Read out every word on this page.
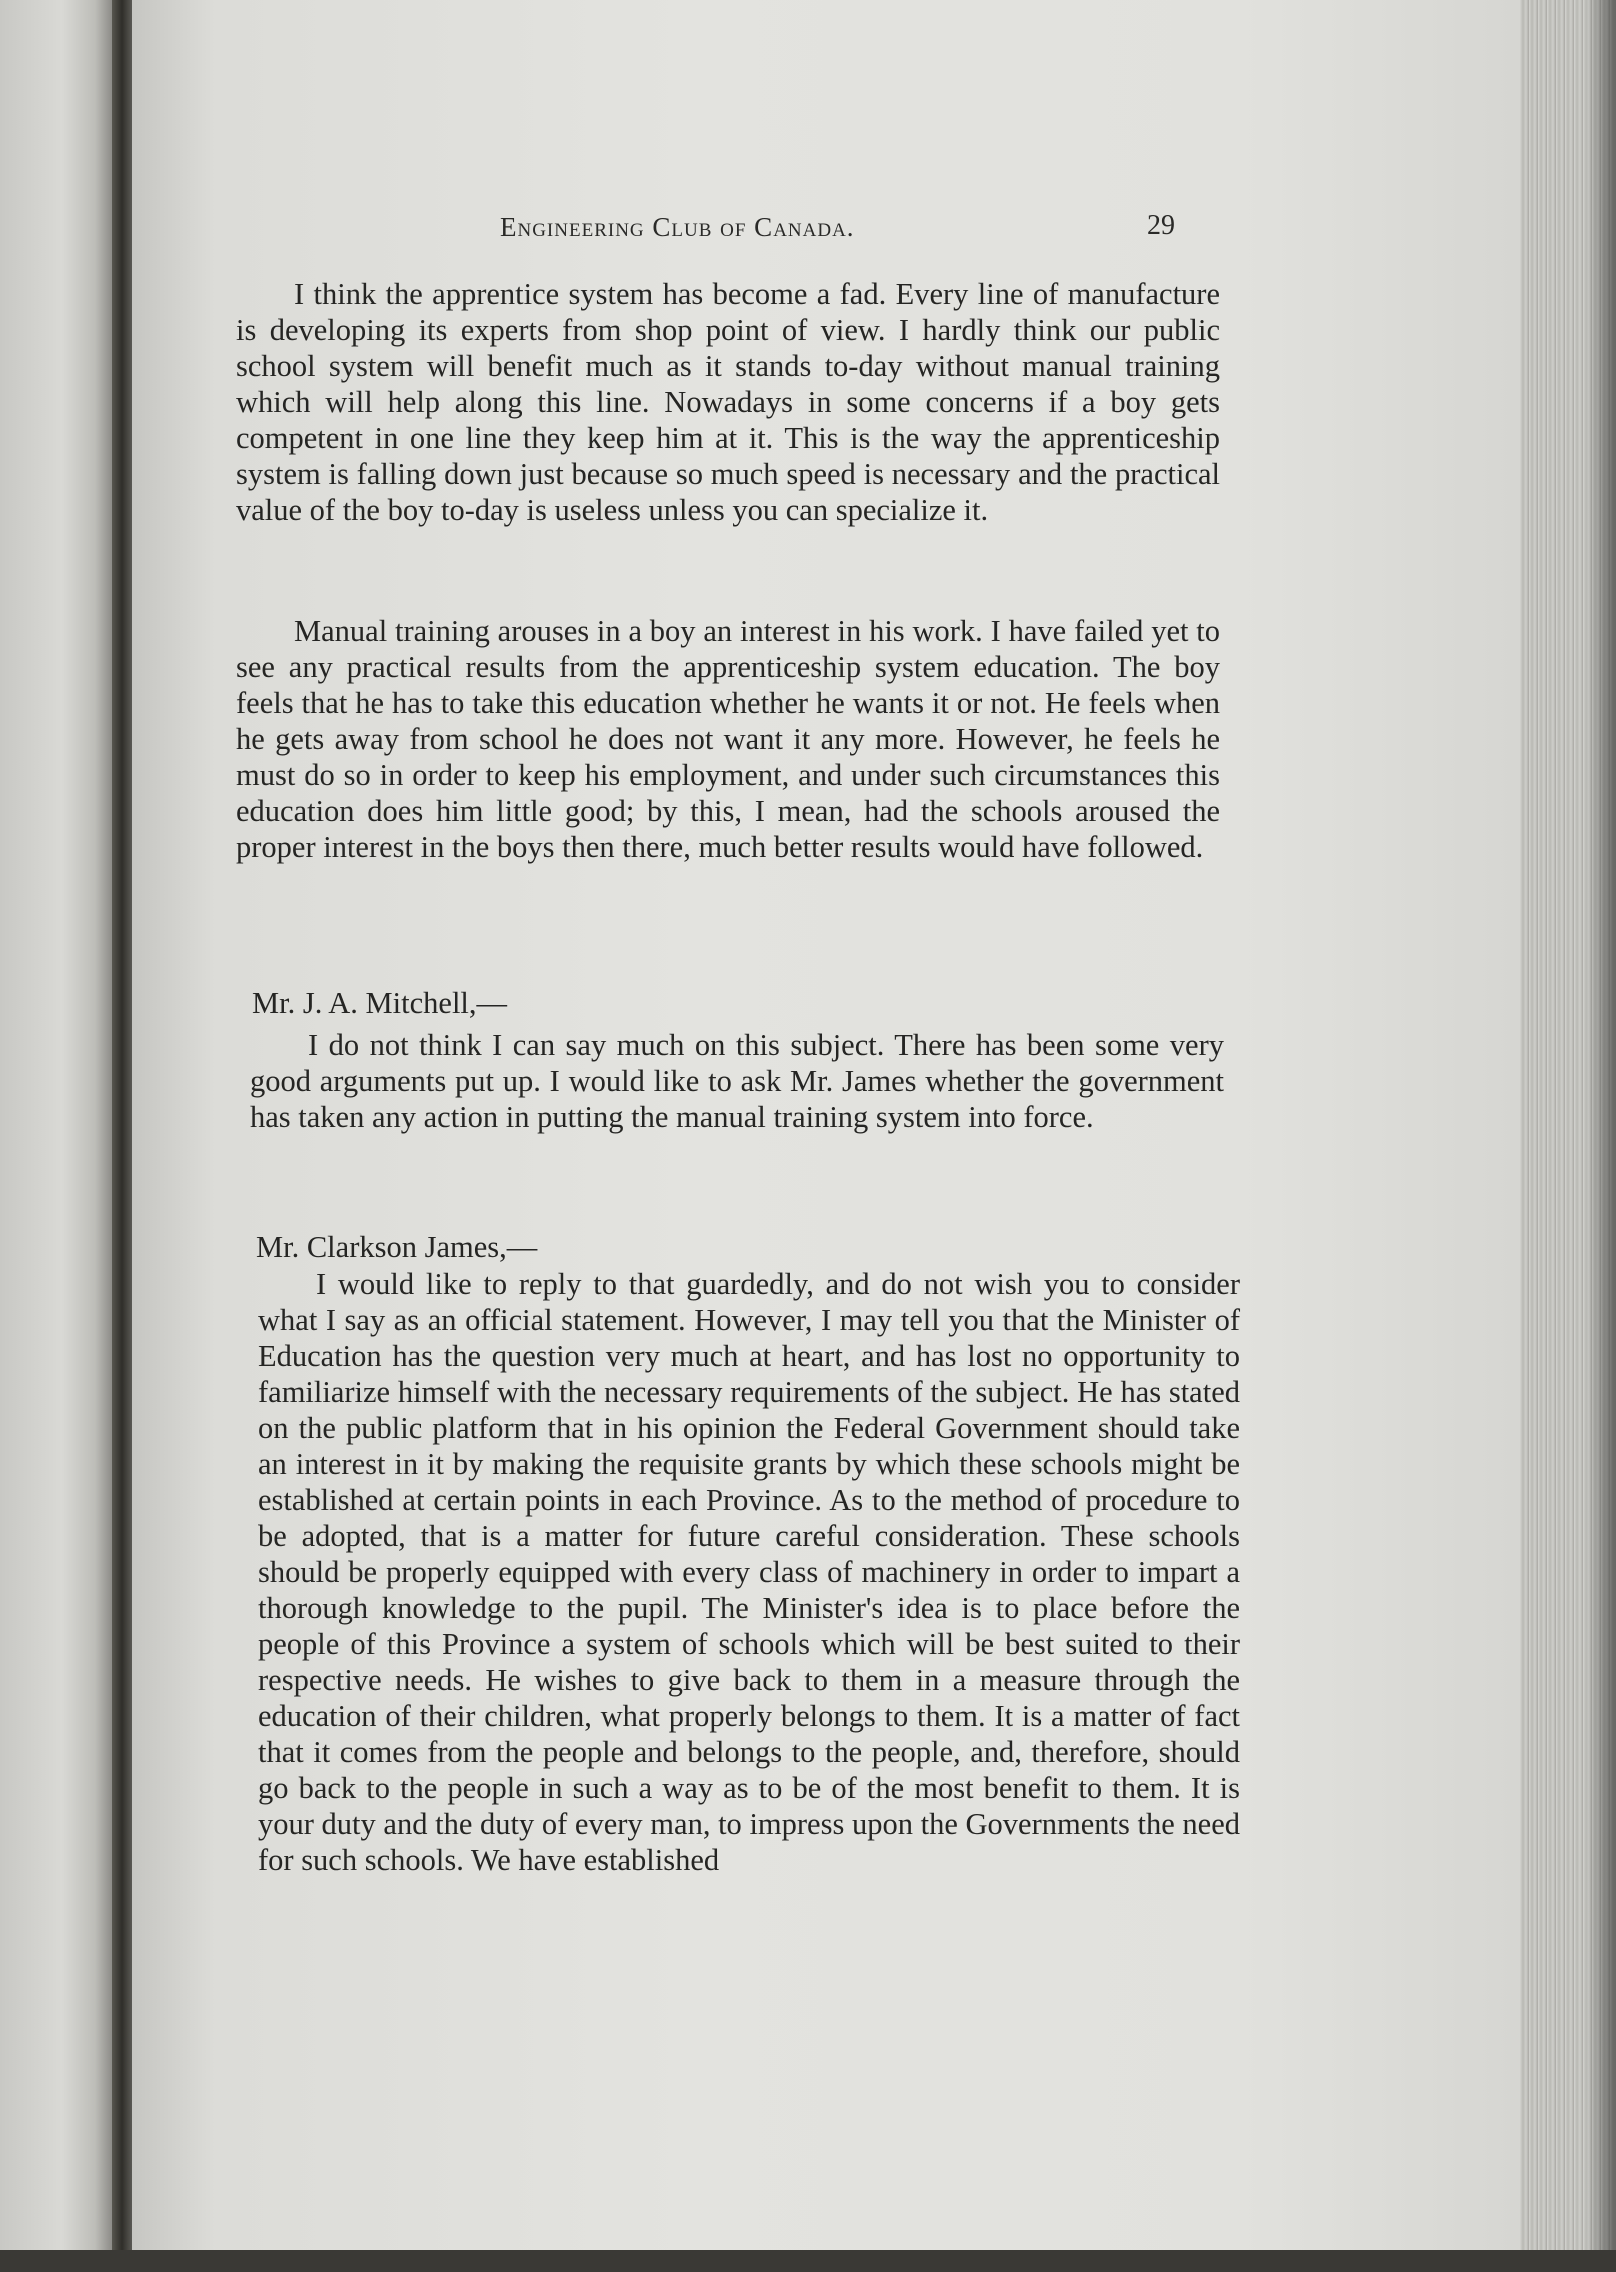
Engineering Club of Canada.	29

I think the apprentice system has become a fad. Every line of manufacture is developing its experts from shop point of view. I hardly think our public school system will benefit much as it stands to-day without manual training which will help along this line. Nowadays in some concerns if a boy gets competent in one line they keep him at it. This is the way the apprenticeship system is falling down just because so much speed is necessary and the practical value of the boy to-day is useless unless you can specialize it.

Manual training arouses in a boy an interest in his work. I have failed yet to see any practical results from the apprenticeship system education. The boy feels that he has to take this education whether he wants it or not. He feels when he gets away from school he does not want it any more. However, he feels he must do so in order to keep his employment, and under such circumstances this education does him little good; by this, I mean, had the schools aroused the proper interest in the boys then there, much better results would have followed.

Mr. J. A. Mitchell,—

I do not think I can say much on this subject. There has been some very good arguments put up. I would like to ask Mr. James whether the government has taken any action in putting the manual training system into force.

Mr. Clarkson James,—

I would like to reply to that guardedly, and do not wish you to consider what I say as an official statement. However, I may tell you that the Minister of Education has the question very much at heart, and has lost no opportunity to familiarize himself with the necessary requirements of the subject. He has stated on the public platform that in his opinion the Federal Government should take an interest in it by making the requisite grants by which these schools might be established at certain points in each Province. As to the method of procedure to be adopted, that is a matter for future careful consideration. These schools should be properly equipped with every class of machinery in order to impart a thorough knowledge to the pupil. The Minister's idea is to place before the people of this Province a system of schools which will be best suited to their respective needs. He wishes to give back to them in a measure through the education of their children, what properly belongs to them. It is a matter of fact that it comes from the people and belongs to the people, and, therefore, should go back to the people in such a way as to be of the most benefit to them. It is your duty and the duty of every man, to impress upon the Governments the need for such schools. We have established
